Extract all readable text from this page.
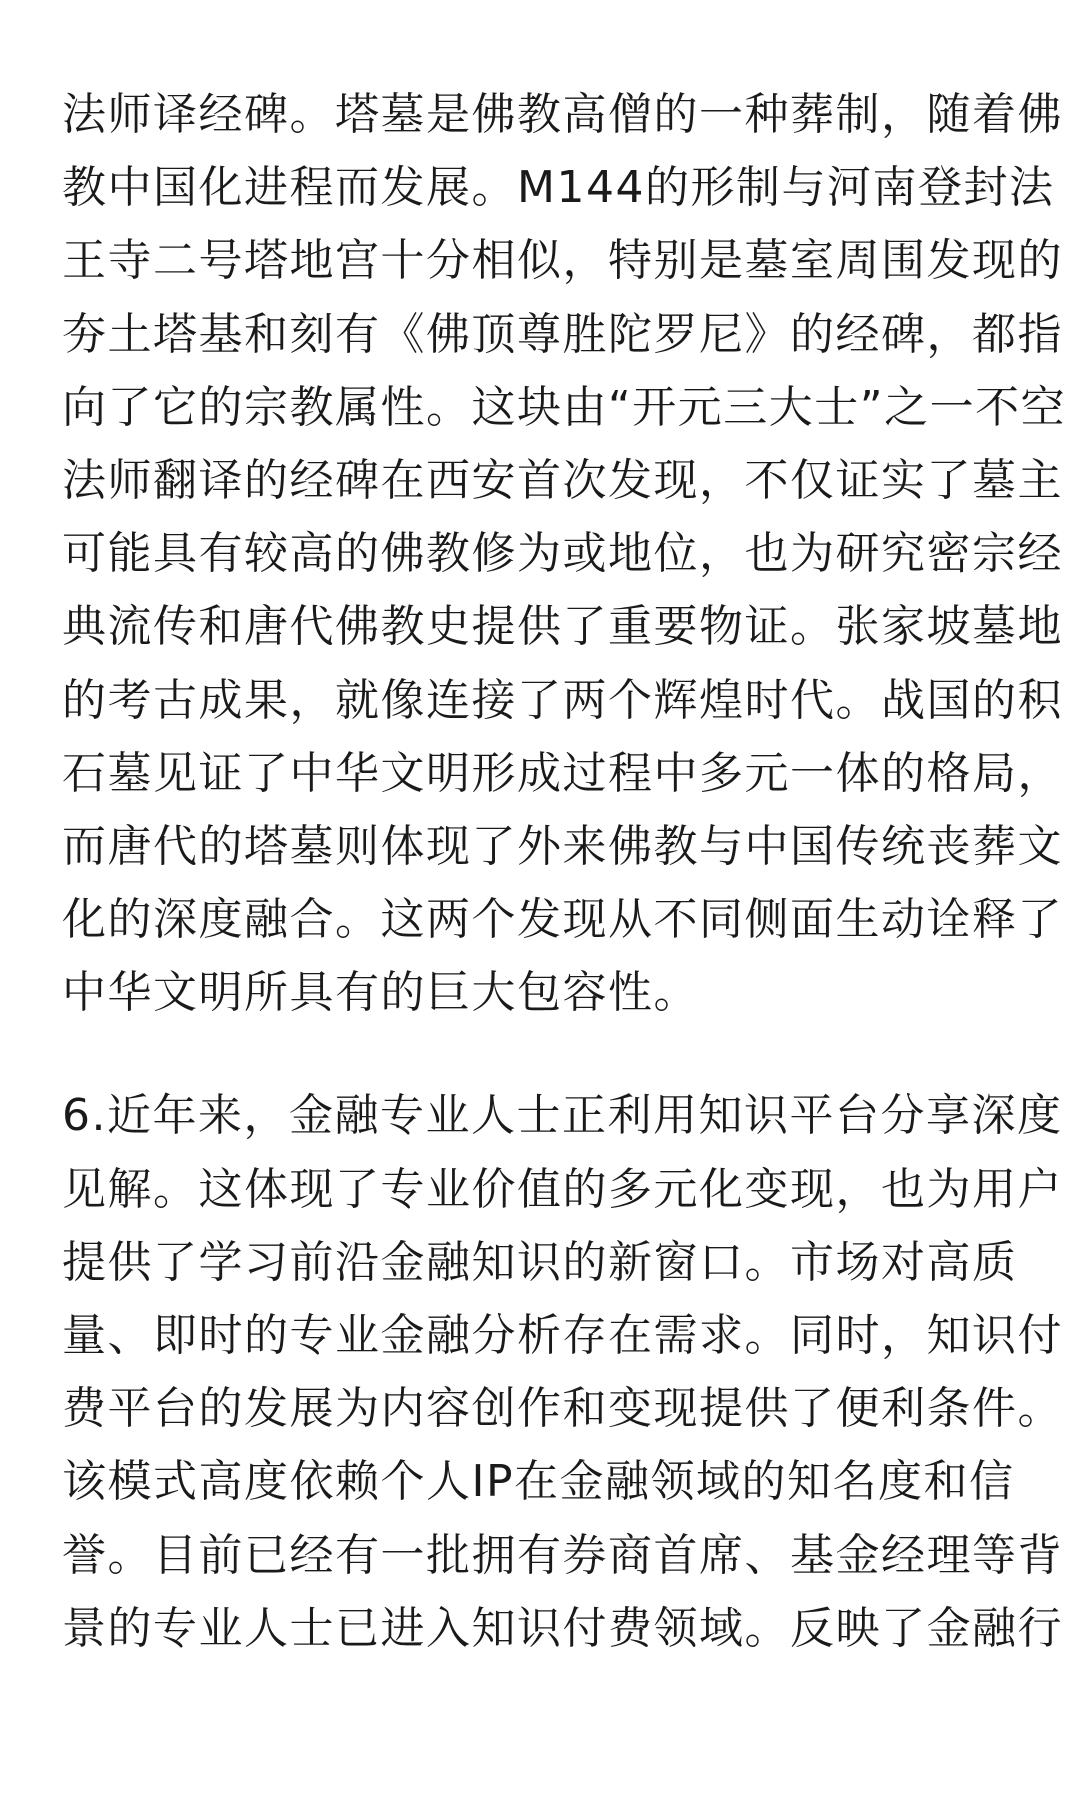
法师译经碑。塔墓是佛教高僧的一种葬制，随着佛
教中国化进程而发展。M144的形制与河南登封法
王寺二号塔地宫十分相似，特别是墓室周围发现的
夯土塔基和刻有《佛顶尊胜陀罗尼》的经碑，都指
向了它的宗教属性。这块由“开元三大士”之一不空
法师翻译的经碑在西安首次发现，不仅证实了墓主
可能具有较高的佛教修为或地位，也为研究密宗经
典流传和唐代佛教史提供了重要物证。张家坡墓地
的考古成果，就像连接了两个辉煌时代。战国的积
石墓见证了中华文明形成过程中多元一体的格局，
而唐代的塔墓则体现了外来佛教与中国传统丧葬文
化的深度融合。这两个发现从不同侧面生动诠释了
中华文明所具有的巨大包容性。
6.近年来，金融专业人士正利用知识平台分享深度
见解。这体现了专业价值的多元化变现，也为用户
提供了学习前沿金融知识的新窗口。市场对高质
量、即时的专业金融分析存在需求。同时，知识付
费平台的发展为内容创作和变现提供了便利条件。
该模式高度依赖个人IP在金融领域的知名度和信
誉。目前已经有一批拥有券商首席、基金经理等背
景的专业人士已进入知识付费领域。反映了金融行
